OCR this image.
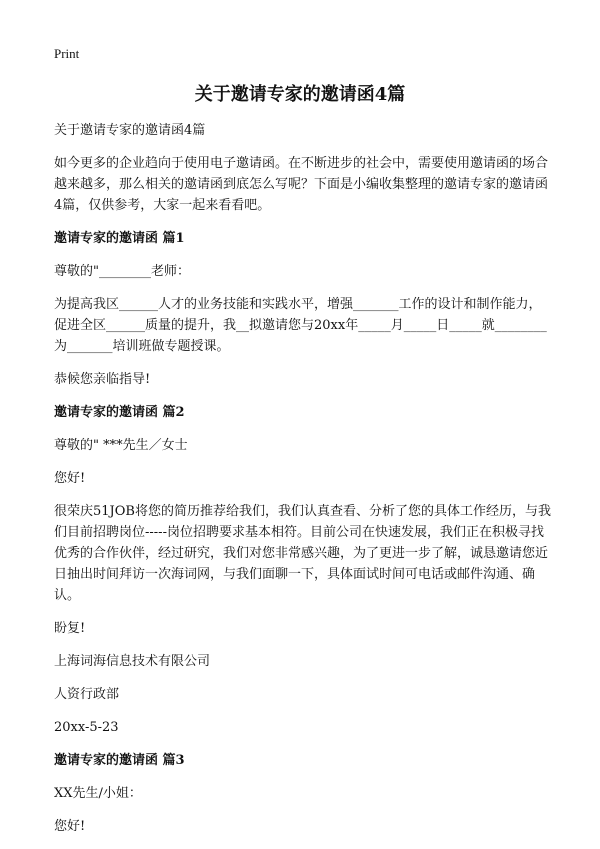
Print
关于邀请专家的邀请函4篇

关于邀请专家的邀请函4篇

如今更多的企业趋向于使用电子邀请函。在不断进步的社会中，需要使用邀请函的场合越来越多，那么相关的邀请函到底怎么写呢？下面是小编收集整理的邀请专家的邀请函4篇，仅供参考，大家一起来看看吧。

邀请专家的邀请函 篇1

尊敬的"________老师：

为提高我区______人才的业务技能和实践水平，增强_______工作的设计和制作能力，促进全区______质量的提升，我__拟邀请您与20xx年_____月_____日_____就________为_______培训班做专题授课。

恭候您亲临指导!

邀请专家的邀请函 篇2

尊敬的" ***先生／女士

您好!

很荣庆51JOB将您的简历推荐给我们，我们认真查看、分析了您的具体工作经历，与我们目前招聘岗位-----岗位招聘要求基本相符。目前公司在快速发展，我们正在积极寻找优秀的合作伙伴，经过研究，我们对您非常感兴趣，为了更进一步了解，诚恳邀请您近日抽出时间拜访一次海词网，与我们面聊一下，具体面试时间可电话或邮件沟通、确认。

盼复!

上海词海信息技术有限公司

人资行政部

20xx-5-23

邀请专家的邀请函 篇3

XX先生/小姐：

您好!
